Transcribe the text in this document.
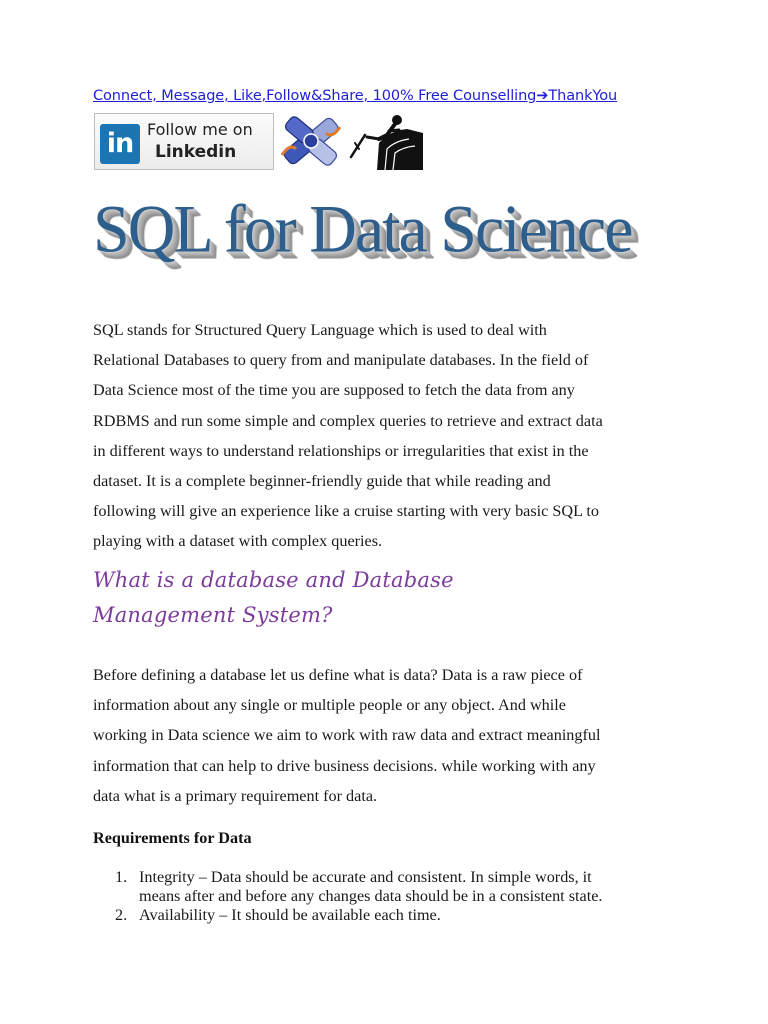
Connect, Message, Like,Follow&Share, 100% Free Counselling➔ThankYou
in Follow me on
Linkedin
SQL for Data Science

SQL stands for Structured Query Language which is used to deal with

Relational Databases to query from and manipulate databases. In the field of

Data Science most of the time you are supposed to fetch the data from any

RDBMS and run some simple and complex queries to retrieve and extract data

in different ways to understand relationships or irregularities that exist in the

dataset. It is a complete beginner-friendly guide that while reading and

following will give an experience like a cruise starting with very basic SQL to

playing with a dataset with complex queries.

What is a database and Database
Management System?

Before defining a database let us define what is data? Data is a raw piece of

information about any single or multiple people or any object. And while

working in Data science we aim to work with raw data and extract meaningful

information that can help to drive business decisions. while working with any

data what is a primary requirement for data.

Requirements for Data
1. Integrity – Data should be accurate and consistent. In simple words, it
means after and before any changes data should be in a consistent state.
2. Availability – It should be available each time.
